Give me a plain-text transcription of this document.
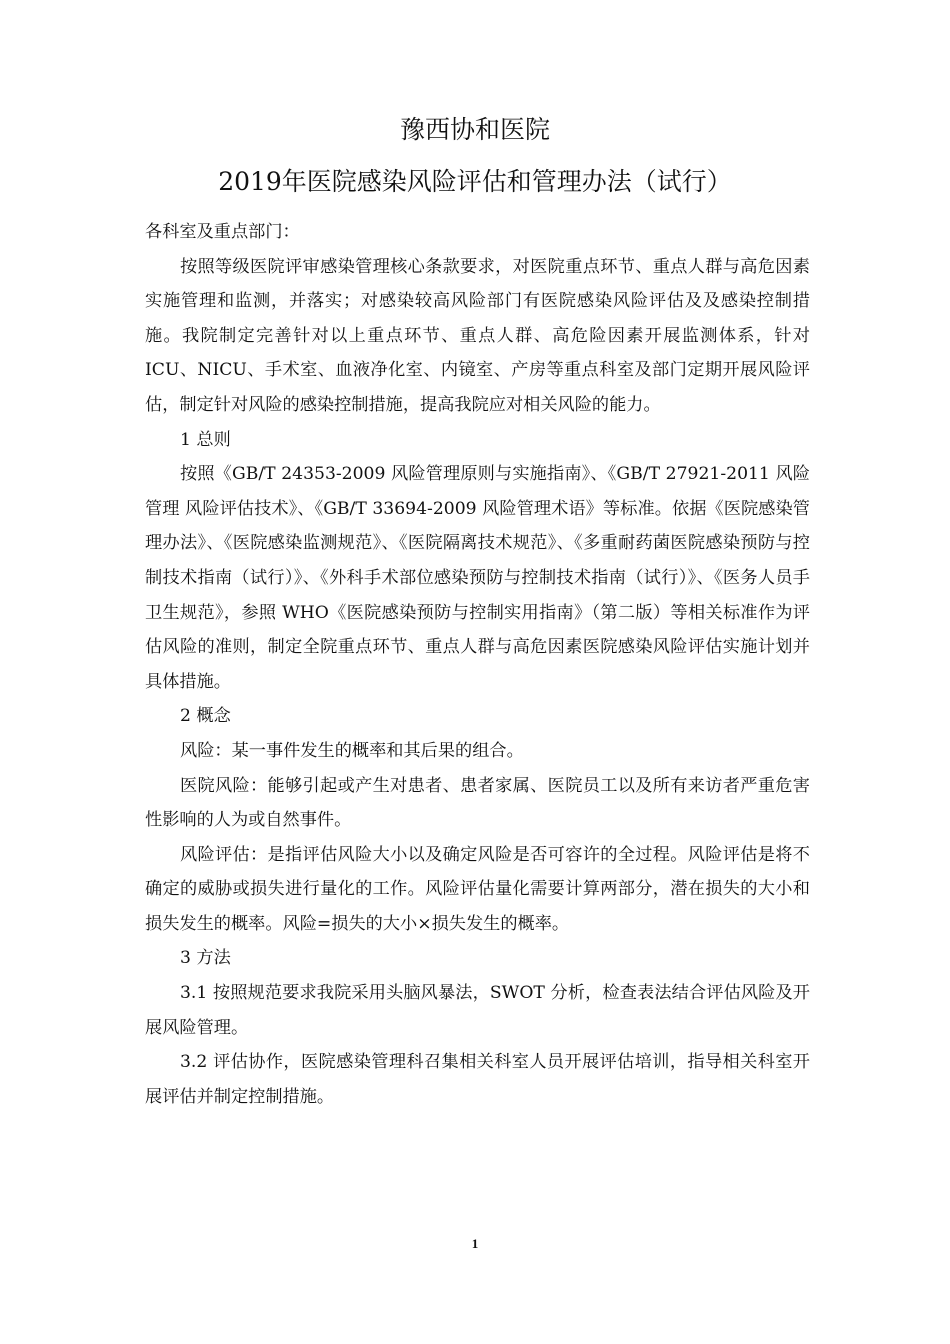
豫西协和医院
2019年医院感染风险评估和管理办法（试行）

各科室及重点部门：

按照等级医院评审感染管理核心条款要求，对医院重点环节、重点人群与高危因素实施管理和监测，并落实；对感染较高风险部门有医院感染风险评估及及感染控制措施。我院制定完善针对以上重点环节、重点人群、高危险因素开展监测体系，针对 ICU、NICU、手术室、血液净化室、内镜室、产房等重点科室及部门定期开展风险评估，制定针对风险的感染控制措施，提高我院应对相关风险的能力。

1 总则

按照《GB/T 24353-2009 风险管理原则与实施指南》、《GB/T 27921-2011 风险管理 风险评估技术》、《GB/T 33694-2009 风险管理术语》等标准。依据《医院感染管理办法》、《医院感染监测规范》、《医院隔离技术规范》、《多重耐药菌医院感染预防与控制技术指南（试行）》、《外科手术部位感染预防与控制技术指南（试行）》、《医务人员手卫生规范》，参照 WHO《医院感染预防与控制实用指南》（第二版）等相关标准作为评估风险的准则，制定全院重点环节、重点人群与高危因素医院感染风险评估实施计划并具体措施。

2 概念

风险：某一事件发生的概率和其后果的组合。

医院风险：能够引起或产生对患者、患者家属、医院员工以及所有来访者严重危害性影响的人为或自然事件。

风险评估：是指评估风险大小以及确定风险是否可容许的全过程。风险评估是将不确定的威胁或损失进行量化的工作。风险评估量化需要计算两部分，潜在损失的大小和损失发生的概率。风险=损失的大小×损失发生的概率。

3 方法

3.1 按照规范要求我院采用头脑风暴法，SWOT 分析，检查表法结合评估风险及开展风险管理。

3.2 评估协作，医院感染管理科召集相关科室人员开展评估培训，指导相关科室开展评估并制定控制措施。

1
